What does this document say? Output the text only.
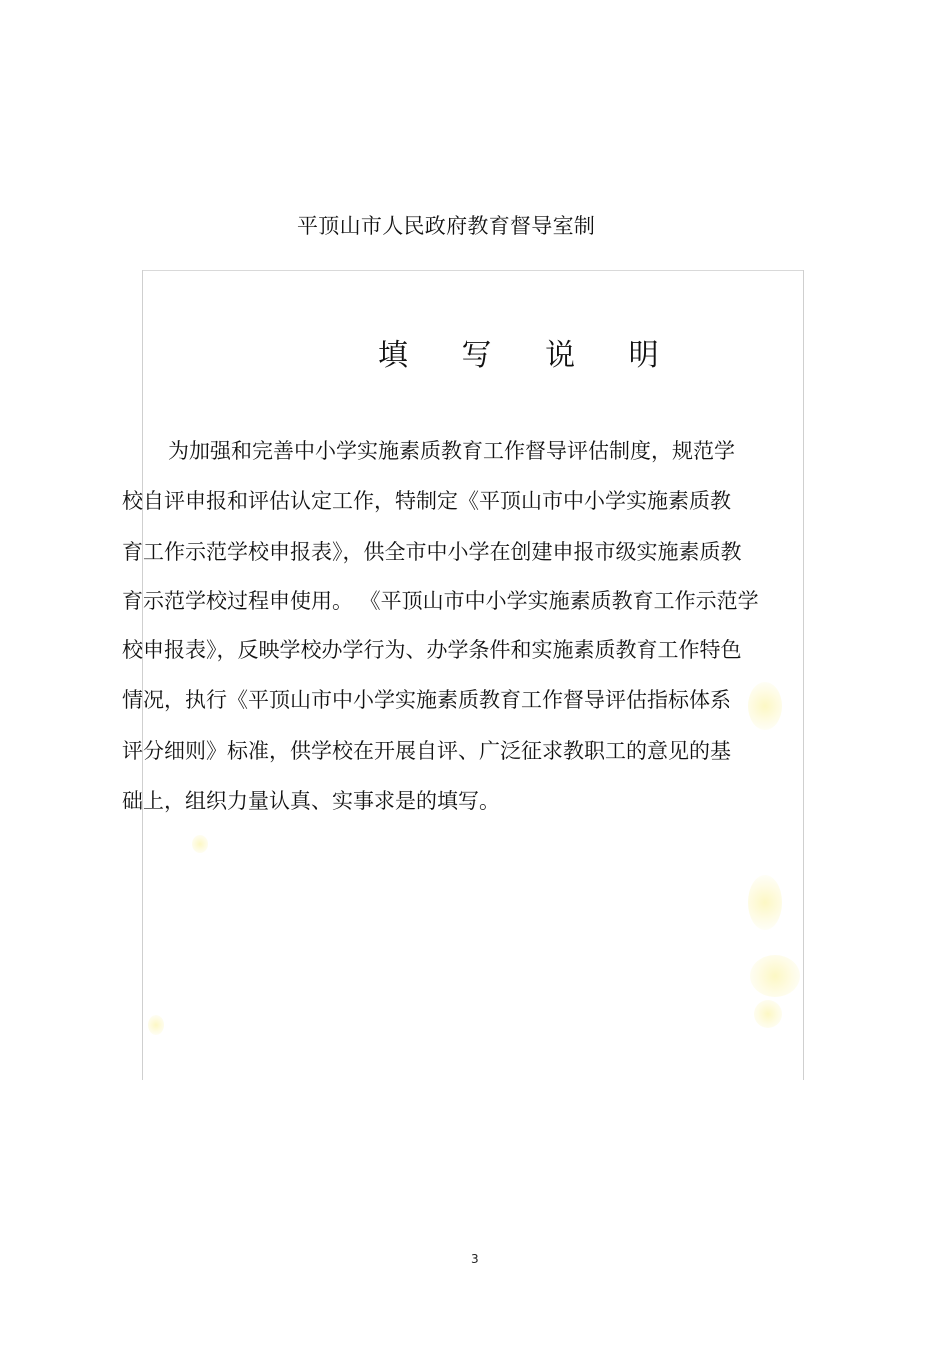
平顶山市人民政府教育督导室制
填 写 说 明
为加强和完善中小学实施素质教育工作督导评估制度，规范学
校自评申报和评估认定工作，特制定《平顶山市中小学实施素质教
育工作示范学校申报表》，供全市中小学在创建申报市级实施素质教
育示范学校过程申使用。 《平顶山市中小学实施素质教育工作示范学
校申报表》，反映学校办学行为、办学条件和实施素质教育工作特色
情况，执行《平顶山市中小学实施素质教育工作督导评估指标体系
评分细则》标准，供学校在开展自评、广泛征求教职工的意见的基
础上，组织力量认真、实事求是的填写。
3
